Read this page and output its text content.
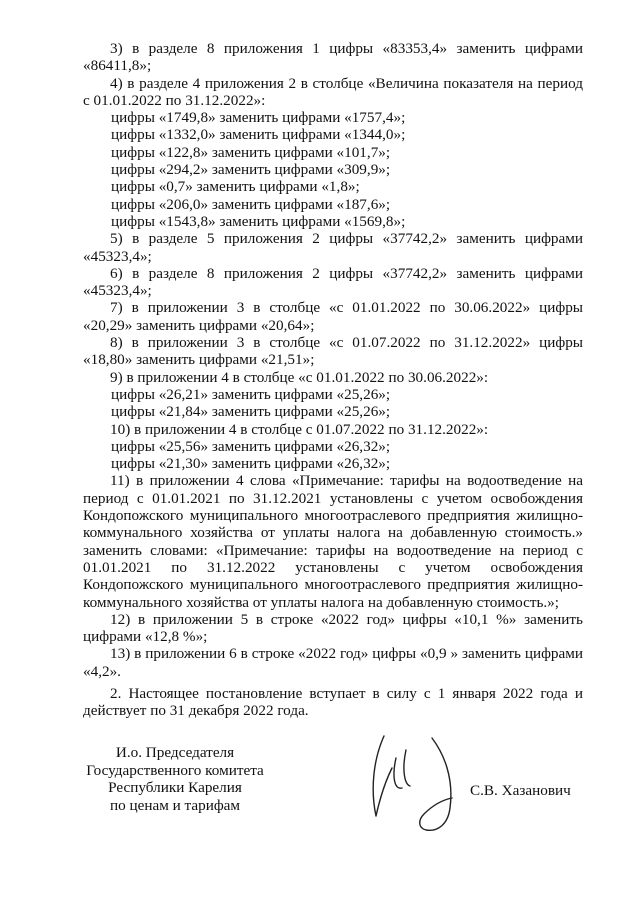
3) в разделе 8 приложения 1 цифры «83353,4» заменить цифрами «86411,8»;

4) в разделе 4 приложения 2 в столбце «Величина показателя на период с 01.01.2022 по 31.12.2022»:

цифры «1749,8» заменить цифрами «1757,4»;

цифры «1332,0» заменить цифрами «1344,0»;

цифры «122,8» заменить цифрами «101,7»;

цифры «294,2» заменить цифрами «309,9»;

цифры «0,7» заменить цифрами «1,8»;

цифры «206,0» заменить цифрами «187,6»;

цифры «1543,8» заменить цифрами «1569,8»;

5) в разделе 5 приложения 2 цифры «37742,2» заменить цифрами «45323,4»;

6) в разделе 8 приложения 2 цифры «37742,2» заменить цифрами «45323,4»;

7) в приложении 3 в столбце «с 01.01.2022 по 30.06.2022» цифры «20,29» заменить цифрами «20,64»;

8) в приложении 3 в столбце «с 01.07.2022 по 31.12.2022» цифры «18,80» заменить цифрами «21,51»;

9) в приложении 4 в столбце «с 01.01.2022 по 30.06.2022»:

цифры «26,21» заменить цифрами «25,26»;

цифры «21,84» заменить цифрами «25,26»;

10) в приложении 4 в столбце с 01.07.2022 по 31.12.2022»:

цифры «25,56» заменить цифрами «26,32»;

цифры «21,30» заменить цифрами «26,32»;

11) в приложении 4 слова «Примечание: тарифы на водоотведение на период с 01.01.2021 по 31.12.2021 установлены с учетом освобождения Кондопожского муниципального многоотраслевого предприятия жилищно-коммунального хозяйства от уплаты налога на добавленную стоимость.» заменить словами: «Примечание: тарифы на водоотведение на период с 01.01.2021 по 31.12.2022 установлены с учетом освобождения Кондопожского муниципального многоотраслевого предприятия жилищно-коммунального хозяйства от уплаты налога на добавленную стоимость.»;

12) в приложении 5 в строке «2022 год» цифры «10,1 %» заменить цифрами «12,8 %»;

13) в приложении 6 в строке «2022 год» цифры «0,9 » заменить цифрами «4,2».

2. Настоящее постановление вступает в силу с 1 января 2022 года и действует по 31 декабря 2022 года.

И.о. Председателя
Государственного комитета
Республики Карелия
по ценам и тарифам
С.В. Хазанович
